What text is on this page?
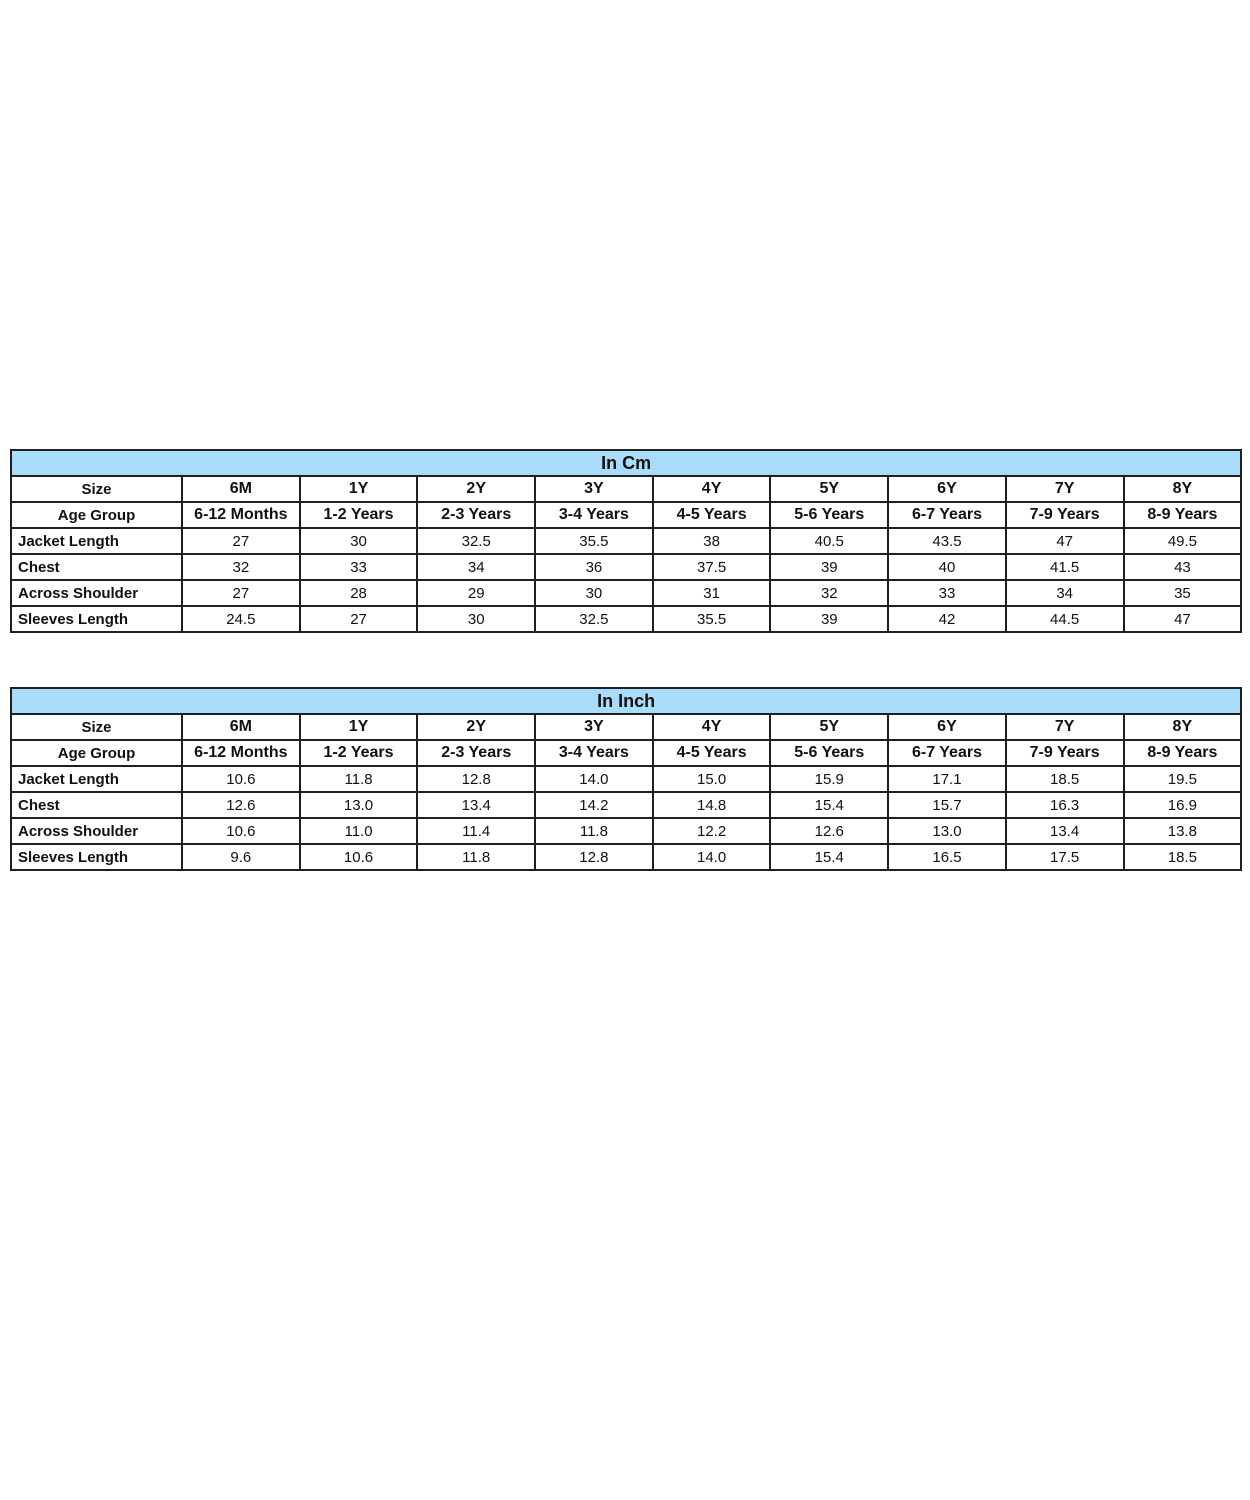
In Cm									
Size	6M	1Y	2Y	3Y	4Y	5Y	6Y	7Y	8Y
Age Group	6-12 Months	1-2 Years	2-3 Years	3-4 Years	4-5 Years	5-6 Years	6-7 Years	7-9 Years	8-9 Years
Jacket Length	27	30	32.5	35.5	38	40.5	43.5	47	49.5
Chest	32	33	34	36	37.5	39	40	41.5	43
Across Shoulder	27	28	29	30	31	32	33	34	35
Sleeves Length	24.5	27	30	32.5	35.5	39	42	44.5	47
In Inch									
Size	6M	1Y	2Y	3Y	4Y	5Y	6Y	7Y	8Y
Age Group	6-12 Months	1-2 Years	2-3 Years	3-4 Years	4-5 Years	5-6 Years	6-7 Years	7-9 Years	8-9 Years
Jacket Length	10.6	11.8	12.8	14.0	15.0	15.9	17.1	18.5	19.5
Chest	12.6	13.0	13.4	14.2	14.8	15.4	15.7	16.3	16.9
Across Shoulder	10.6	11.0	11.4	11.8	12.2	12.6	13.0	13.4	13.8
Sleeves Length	9.6	10.6	11.8	12.8	14.0	15.4	16.5	17.5	18.5
